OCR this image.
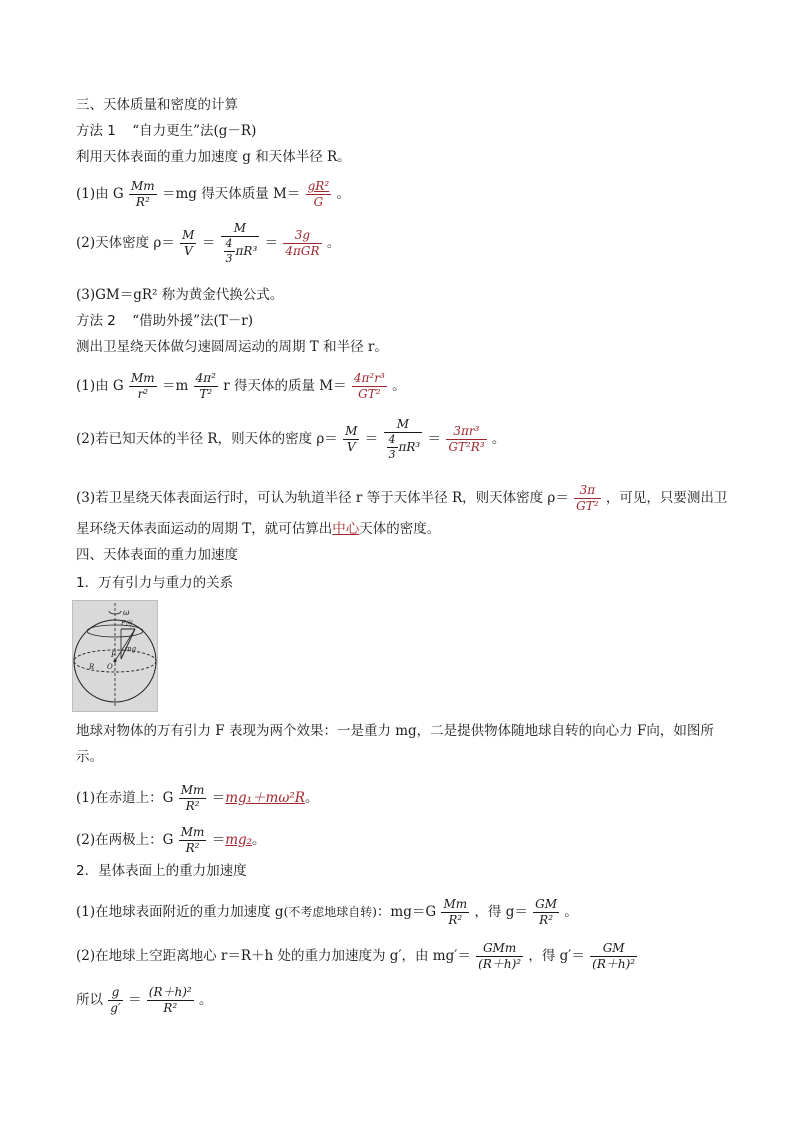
三、天体质量和密度的计算
方法 1 “自力更生”法(g－R)
利用天体表面的重力加速度 g 和天体半径 R。
(1)由 G $\frac{Mm}{\text{R²}} =mg$ 得天体质量 $M= \frac{\text{gR²}}{G}$ 。
(2)天体密度 $\rho= \frac{M}{V} = \frac{M}{\frac{4}{3} \pi R^3} = \frac{3g}{\text{4πGR}}$ 。
(3)GM＝gR² 称为黄金代换公式。
方法 2 “借助外援”法(T－r)
测出卫星绕天体做匀速圆周运动的周期 T 和半径 r。
(1)由 G $\frac{Mm}{\text{r²}} =m \frac{\text{4π²}}{\text{T²}}$ r 得天体的质量 $M= \frac{\text{4π²r³}}{\text{GT²}}$ 。
(2)若已知天体的半径 R，则天体的密度 $\rho= \frac{M}{V} = \frac{M}{\frac{4}{3} \pi R^3} = \frac{\text{3πr³}}{\text{GT²R³}}$ 。
(3)若卫星绕天体表面运行时，可认为轨道半径 r 等于天体半径 R，则天体密度 $\rho= \frac{3\pi}{\text{GT²}}$ ，可见，只要测出卫
星环绕天体表面运动的周期 T，就可估算出中心天体的密度。
四、天体表面的重力加速度
1．万有引力与重力的关系
ω
F向
mg
F
O
R
地球对物体的万有引力 F 表现为两个效果：一是重力 mg，二是提供物体随地球自转的向心力 F向，如图所
示。
(1)在赤道上：G $\frac{Mm}{\text{R²}} =mg_1+m\omega^2R$。
(2)在两极上：G $\frac{Mm}{\text{R²}} =mg_2$。
2．星体表面上的重力加速度
(1)在地球表面附近的重力加速度 g(不考虑地球自转)：$mg=G \frac{Mm}{\text{R²}}$ ，得 $g= \frac{GM}{\text{R²}}$ 。
(2)在地球上空距离地心 r＝R＋h 处的重力加速度为 g′，由 $mg'= \frac{\text{GMm}}{\text{(R＋h)²}}$ ，得 $g'= \frac{GM}{\text{(R＋h)²}}$
所以 $\frac{g}{g'} = \frac{\text{(R＋h)²}}{\text{R²}}$ 。
